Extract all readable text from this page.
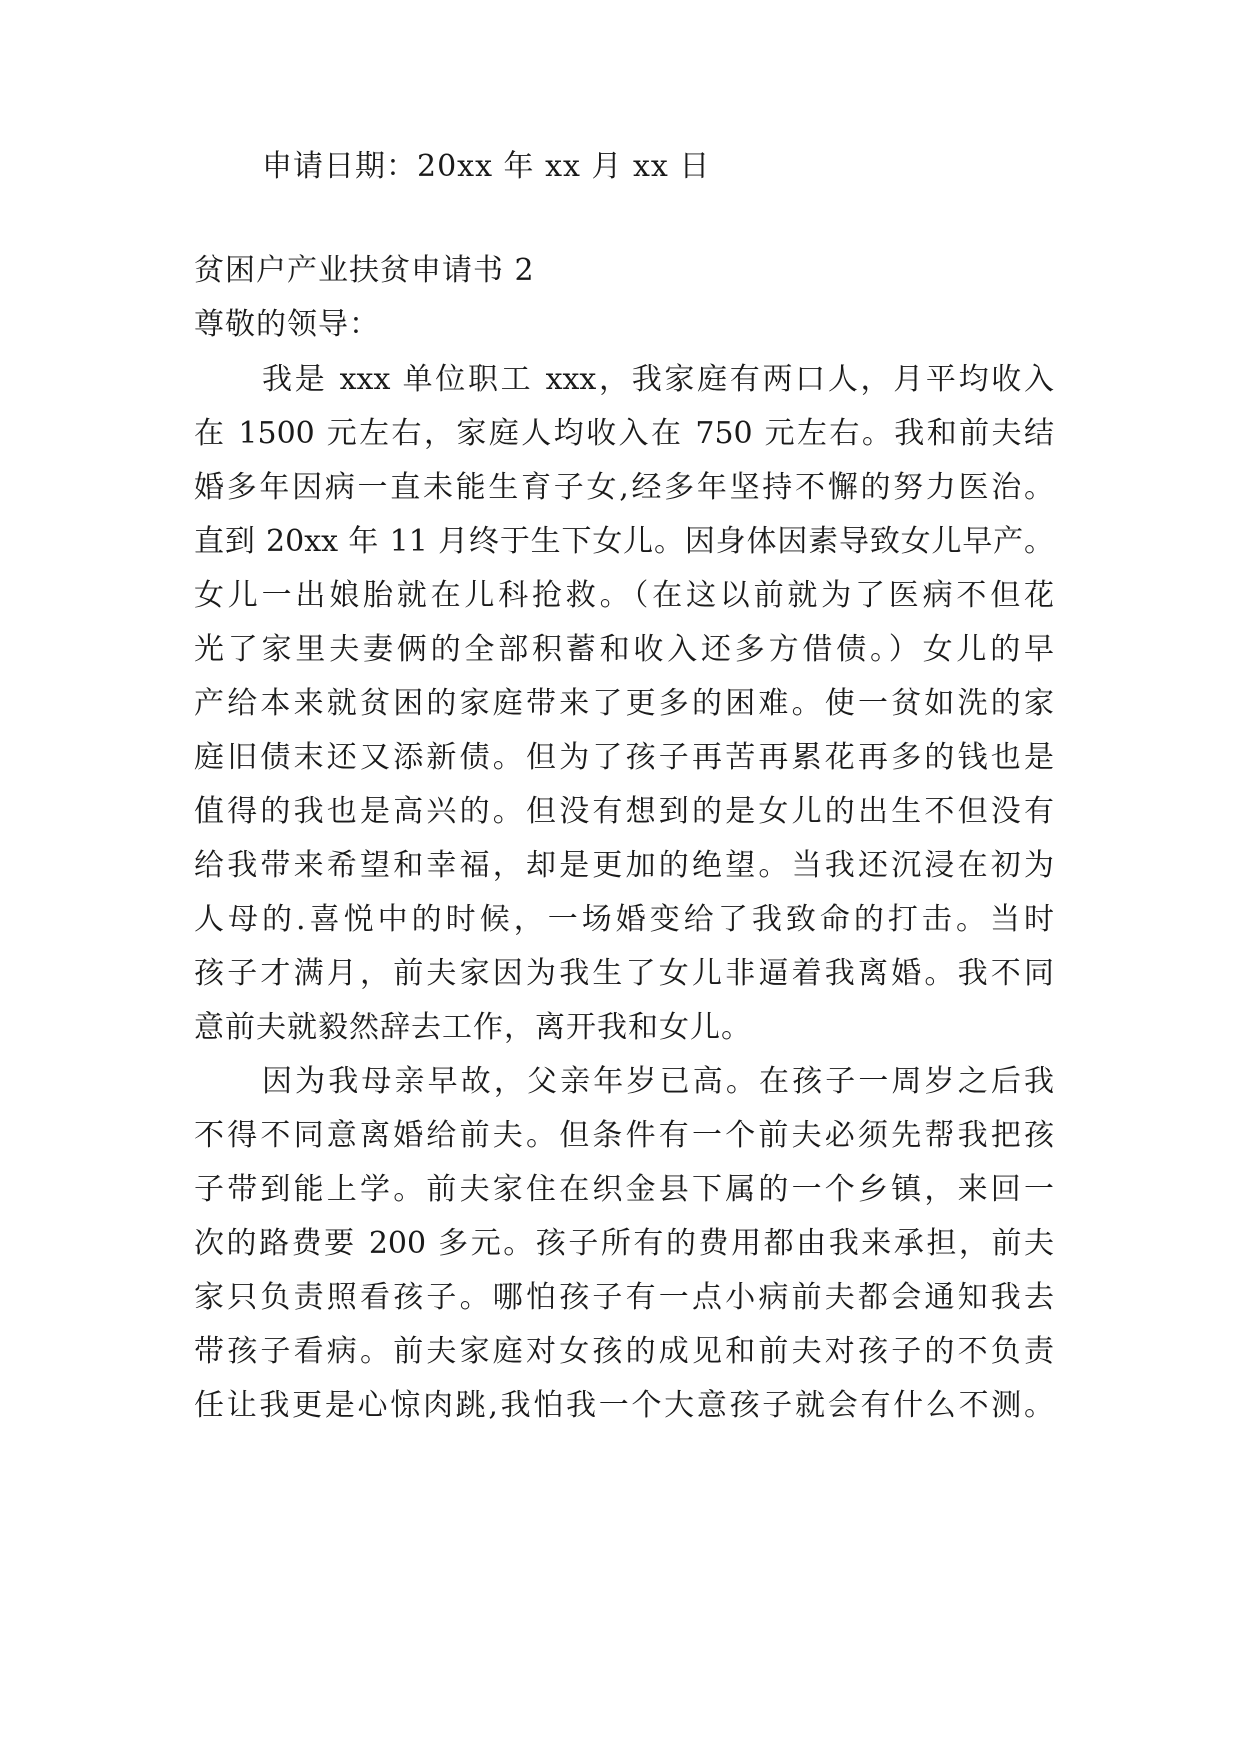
申请日期：20xx 年 xx 月 xx 日
贫困户产业扶贫申请书 2
尊敬的领导：
我是 xxx 单位职工 xxx，我家庭有两口人，月平均收入
在 1500 元左右，家庭人均收入在 750 元左右。我和前夫结
婚多年因病一直未能生育子女,经多年坚持不懈的努力医治。
直到 20xx 年 11 月终于生下女儿。因身体因素导致女儿早产。
女儿一出娘胎就在儿科抢救。（在这以前就为了医病不但花
光了家里夫妻俩的全部积蓄和收入还多方借债。）女儿的早
产给本来就贫困的家庭带来了更多的困难。使一贫如洗的家
庭旧债末还又添新债。但为了孩子再苦再累花再多的钱也是
值得的我也是高兴的。但没有想到的是女儿的出生不但没有
给我带来希望和幸福，却是更加的绝望。当我还沉浸在初为
人母的.喜悦中的时候，一场婚变给了我致命的打击。当时
孩子才满月，前夫家因为我生了女儿非逼着我离婚。我不同
意前夫就毅然辞去工作，离开我和女儿。
因为我母亲早故，父亲年岁已高。在孩子一周岁之后我
不得不同意离婚给前夫。但条件有一个前夫必须先帮我把孩
子带到能上学。前夫家住在织金县下属的一个乡镇，来回一
次的路费要 200 多元。孩子所有的费用都由我来承担，前夫
家只负责照看孩子。哪怕孩子有一点小病前夫都会通知我去
带孩子看病。前夫家庭对女孩的成见和前夫对孩子的不负责
任让我更是心惊肉跳,我怕我一个大意孩子就会有什么不测。
